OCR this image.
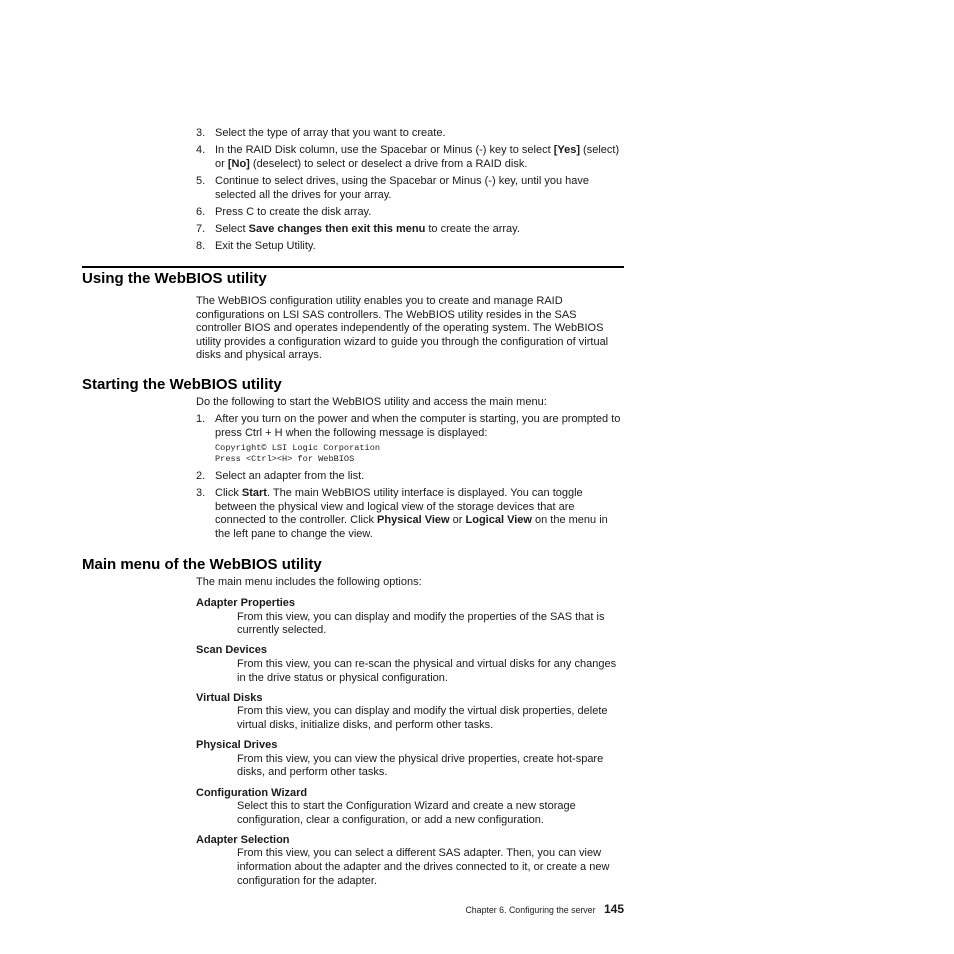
3. Select the type of array that you want to create.
4. In the RAID Disk column, use the Spacebar or Minus (-) key to select [Yes] (select) or [No] (deselect) to select or deselect a drive from a RAID disk.
5. Continue to select drives, using the Spacebar or Minus (-) key, until you have selected all the drives for your array.
6. Press C to create the disk array.
7. Select Save changes then exit this menu to create the array.
8. Exit the Setup Utility.
Using the WebBIOS utility

The WebBIOS configuration utility enables you to create and manage RAID configurations on LSI SAS controllers. The WebBIOS utility resides in the SAS controller BIOS and operates independently of the operating system. The WebBIOS utility provides a configuration wizard to guide you through the configuration of virtual disks and physical arrays.

Starting the WebBIOS utility

Do the following to start the WebBIOS utility and access the main menu:

1. After you turn on the power and when the computer is starting, you are prompted to press Ctrl + H when the following message is displayed:
Copyright© LSI Logic Corporation
Press <Ctrl><H> for WebBIOS
2. Select an adapter from the list.
3. Click Start. The main WebBIOS utility interface is displayed. You can toggle between the physical view and logical view of the storage devices that are connected to the controller. Click Physical View or Logical View on the menu in the left pane to change the view.
Main menu of the WebBIOS utility

The main menu includes the following options:

Adapter Properties
From this view, you can display and modify the properties of the SAS that is currently selected.
Scan Devices
From this view, you can re-scan the physical and virtual disks for any changes in the drive status or physical configuration.
Virtual Disks
From this view, you can display and modify the virtual disk properties, delete virtual disks, initialize disks, and perform other tasks.
Physical Drives
From this view, you can view the physical drive properties, create hot-spare disks, and perform other tasks.
Configuration Wizard
Select this to start the Configuration Wizard and create a new storage configuration, clear a configuration, or add a new configuration.
Adapter Selection
From this view, you can select a different SAS adapter. Then, you can view information about the adapter and the drives connected to it, or create a new configuration for the adapter.
Chapter 6. Configuring the server 145
